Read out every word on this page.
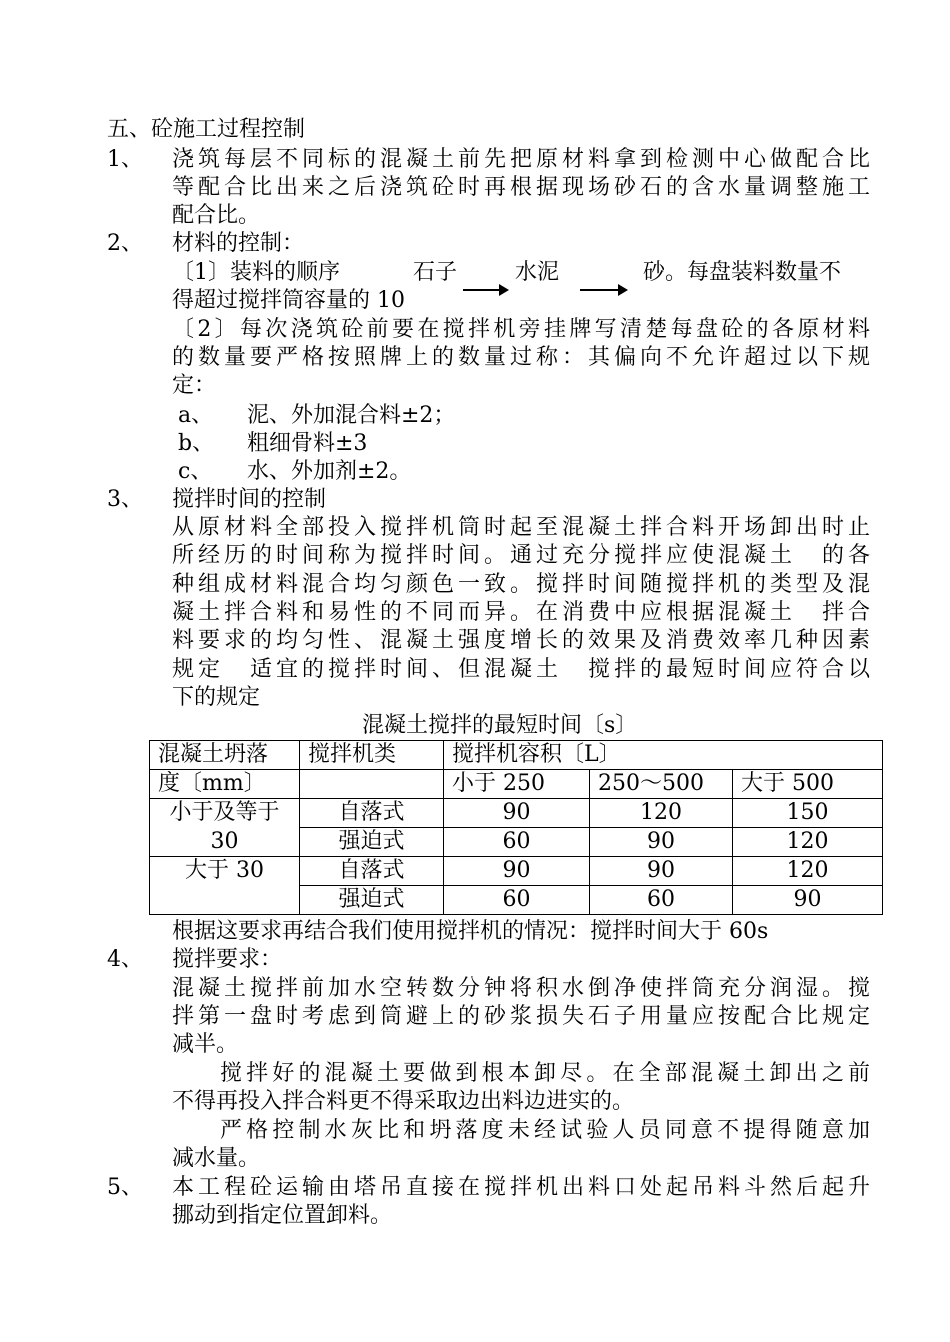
五、砼施工过程控制
1、 浇筑每层不同标的混凝土前先把原材料拿到检测中心做配合比
等配合比出来之后浇筑砼时再根据现场砂石的含水量调整施工
配合比。
2、 材料的控制：
〔1〕装料的顺序	石子	水泥	砂。每盘装料数量不
得超过搅拌筒容量的 10
〔2〕每次浇筑砼前要在搅拌机旁挂牌写清楚每盘砼的各原材料
的数量要严格按照牌上的数量过称：其偏向不允许超过以下规
定：
a、 泥、外加混合料±2；
b、 粗细骨料±3
c、 水、外加剂±2。
3、 搅拌时间的控制
从原材料全部投入搅拌机筒时起至混凝土拌合料开场卸出时止
所经历的时间称为搅拌时间。通过充分搅拌应使混凝土　的各
种组成材料混合均匀颜色一致。搅拌时间随搅拌机的类型及混
凝土拌合料和易性的不同而异。在消费中应根据混凝土　拌合
料要求的均匀性、混凝土强度增长的效果及消费效率几种因素
规定　适宜的搅拌时间、但混凝土　搅拌的最短时间应符合以
下的规定
混凝土搅拌的最短时间〔s〕
混凝土坍落	搅拌机类	搅拌机容积〔L〕		
度〔mm〕		小于 250	250～500	大于 500
小于及等于	自落式	90	120	150
30	强迫式	60	90	120
大于 30	自落式	90	90	120
	强迫式	60	60	90
根据这要求再结合我们使用搅拌机的情况：搅拌时间大于 60s
4、 搅拌要求：
混凝土搅拌前加水空转数分钟将积水倒净使拌筒充分润湿。搅
拌第一盘时考虑到筒避上的砂浆损失石子用量应按配合比规定
减半。
搅拌好的混凝土要做到根本卸尽。在全部混凝土卸出之前
不得再投入拌合料更不得采取边出料边进实的。
严格控制水灰比和坍落度未经试验人员同意不提得随意加
减水量。
5、 本工程砼运输由塔吊直接在搅拌机出料口处起吊料斗然后起升
挪动到指定位置卸料。
